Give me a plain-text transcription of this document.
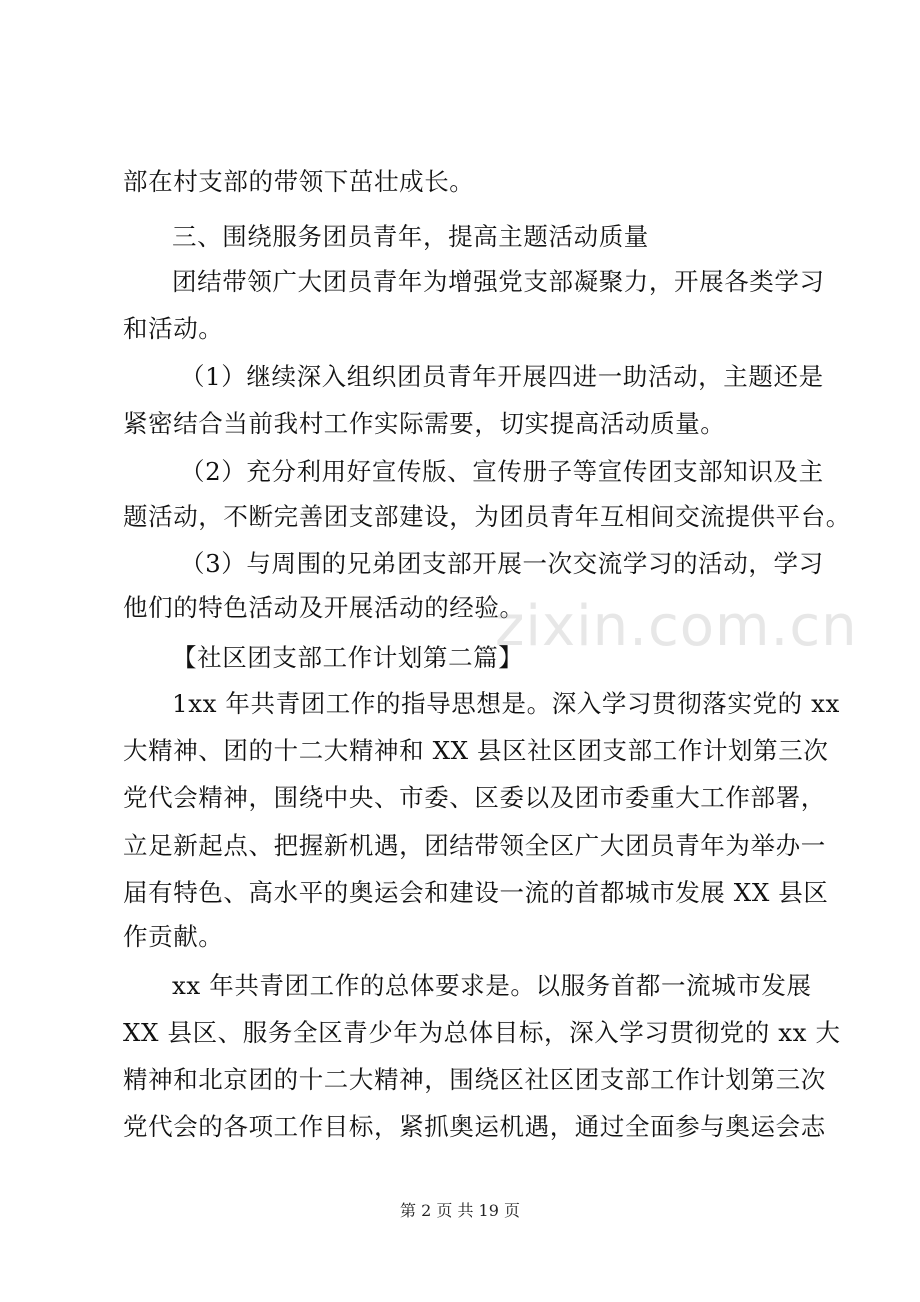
部在村支部的带领下茁壮成长。
三、围绕服务团员青年，提高主题活动质量
团结带领广大团员青年为增强党支部凝聚力，开展各类学习
和活动。
（1）继续深入组织团员青年开展四进一助活动，主题还是
紧密结合当前我村工作实际需要，切实提高活动质量。
（2）充分利用好宣传版、宣传册子等宣传团支部知识及主
题活动，不断完善团支部建设，为团员青年互相间交流提供平台。
（3）与周围的兄弟团支部开展一次交流学习的活动，学习
他们的特色活动及开展活动的经验。
【社区团支部工作计划第二篇】
1xx 年共青团工作的指导思想是。深入学习贯彻落实党的 xx
大精神、团的十二大精神和 XX 县区社区团支部工作计划第三次
党代会精神，围绕中央、市委、区委以及团市委重大工作部署，
立足新起点、把握新机遇，团结带领全区广大团员青年为举办一
届有特色、高水平的奥运会和建设一流的首都城市发展 XX 县区
作贡献。
xx 年共青团工作的总体要求是。以服务首都一流城市发展
XX 县区、服务全区青少年为总体目标，深入学习贯彻党的 xx 大
精神和北京团的十二大精神，围绕区社区团支部工作计划第三次
党代会的各项工作目标，紧抓奥运机遇，通过全面参与奥运会志
zixin.com.cn
第 2 页 共 19 页
